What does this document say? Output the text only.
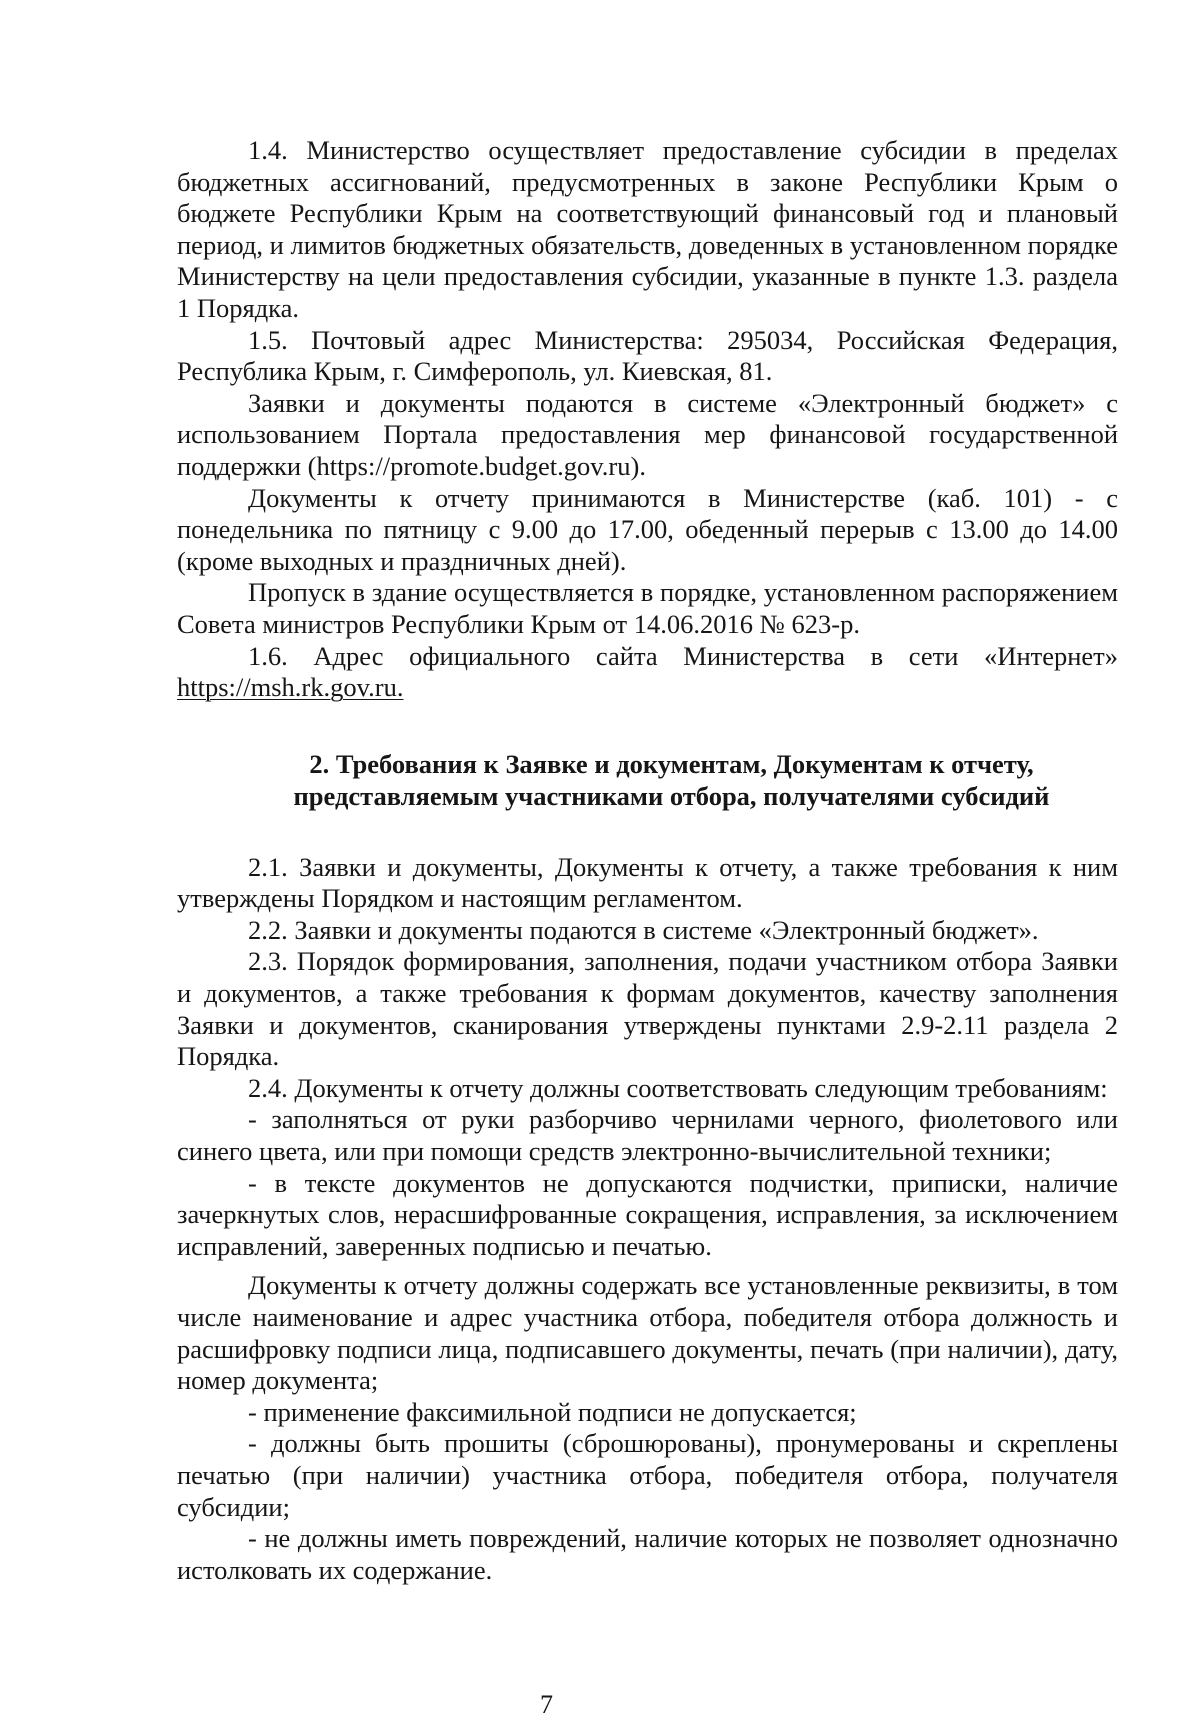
1.4. Министерство осуществляет предоставление субсидии в пределах бюджетных ассигнований, предусмотренных в законе Республики Крым о бюджете Республики Крым на соответствующий финансовый год и плановый период, и лимитов бюджетных обязательств, доведенных в установленном порядке Министерству на цели предоставления субсидии, указанные в пункте 1.3. раздела 1 Порядка.

1.5. Почтовый адрес Министерства: 295034, Российская Федерация, Республика Крым, г. Симферополь, ул. Киевская, 81.

Заявки и документы подаются в системе «Электронный бюджет» с использованием Портала предоставления мер финансовой государственной поддержки (https://promote.budget.gov.ru).

Документы к отчету принимаются в Министерстве (каб. 101) - с понедельника по пятницу с 9.00 до 17.00, обеденный перерыв с 13.00 до 14.00 (кроме выходных и праздничных дней).

Пропуск в здание осуществляется в порядке, установленном распоряжением Совета министров Республики Крым от 14.06.2016 № 623-р.

1.6. Адрес официального сайта Министерства в сети «Интернет» https://msh.rk.gov.ru.

2. Требования к Заявке и документам, Документам к отчету,
представляемым участниками отбора, получателями субсидий

2.1. Заявки и документы, Документы к отчету, а также требования к ним утверждены Порядком и настоящим регламентом.

2.2. Заявки и документы подаются в системе «Электронный бюджет».

2.3. Порядок формирования, заполнения, подачи участником отбора Заявки и документов, а также требования к формам документов, качеству заполнения Заявки и документов, сканирования утверждены пунктами 2.9-2.11 раздела 2 Порядка.

2.4. Документы к отчету должны соответствовать следующим требованиям:

- заполняться от руки разборчиво чернилами черного, фиолетового или синего цвета, или при помощи средств электронно-вычислительной техники;

- в тексте документов не допускаются подчистки, приписки, наличие зачеркнутых слов, нерасшифрованные сокращения, исправления, за исключением исправлений, заверенных подписью и печатью.

Документы к отчету должны содержать все установленные реквизиты, в том числе наименование и адрес участника отбора, победителя отбора должность и расшифровку подписи лица, подписавшего документы, печать (при наличии), дату, номер документа;

- применение факсимильной подписи не допускается;

- должны быть прошиты (сброшюрованы), пронумерованы и скреплены печатью (при наличии) участника отбора, победителя отбора, получателя субсидии;

- не должны иметь повреждений, наличие которых не позволяет однозначно истолковать их содержание.

7
